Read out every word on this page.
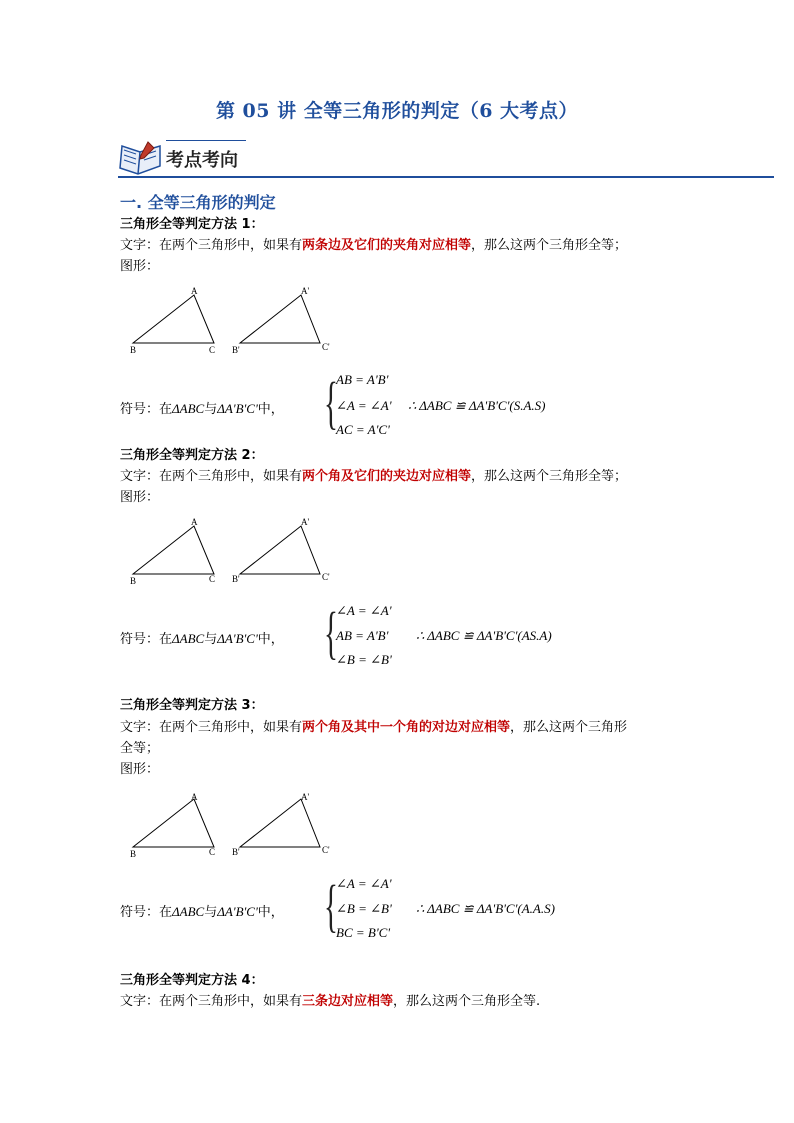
第 05 讲 全等三角形的判定（6 大考点）
考点考向
一. 全等三角形的判定
三角形全等判定方法 1：
文字：在两个三角形中，如果有两条边及它们的夹角对应相等，那么这两个三角形全等；
图形：
A
B	C
A'
B'	C'
符号：在ΔABC与ΔA'B'C'中， {
AB = A'B'
∠A = ∠A'
AC = A'C'
∴ ΔABC ≌ ΔA'B'C'(S.A.S)
三角形全等判定方法 2：
文字：在两个三角形中，如果有两个角及它们的夹边对应相等，那么这两个三角形全等；
图形：
A
B	C
A'
B'	C'
符号：在ΔABC与ΔA'B'C'中， {
∠A = ∠A'
AB = A'B'
∠B = ∠B'
∴ ΔABC ≌ ΔA'B'C'(AS.A)
三角形全等判定方法 3：
文字：在两个三角形中，如果有两个角及其中一个角的对边对应相等，那么这两个三角形
全等；
图形：
A
B	C
A'
B'	C'
符号：在ΔABC与ΔA'B'C'中， {
∠A = ∠A'
∠B = ∠B'
BC = B'C'
∴ ΔABC ≌ ΔA'B'C'(A.A.S)
三角形全等判定方法 4：
文字：在两个三角形中，如果有三条边对应相等，那么这两个三角形全等.
